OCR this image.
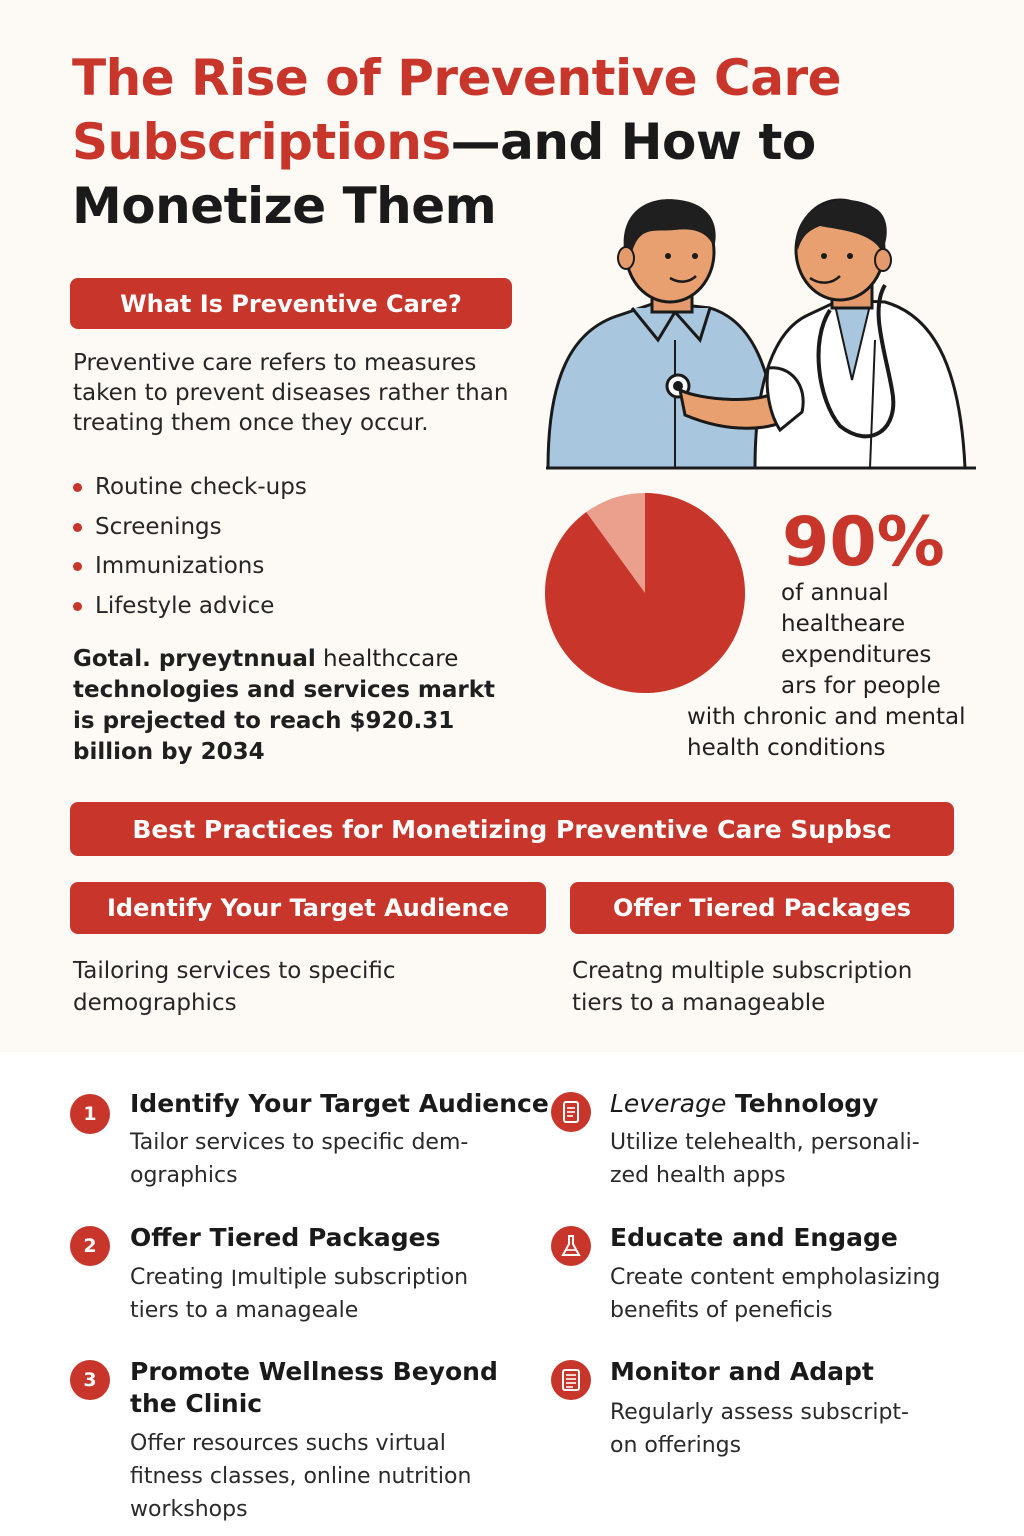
The Rise of Preventive Care
Subscriptions—and How to
Monetize Them
What Is Preventive Care?
Preventive care refers to measures taken to prevent diseases rather than treating them once they occur.
Routine check-ups
Screenings
Immunizations
Lifestyle advice
Gotal. pryeytnnual healthccare technologies and services markt is prejected to reach $920.31 billion by 2034
90%
of annual
healtheare
expenditures
ars for people
with chronic and mental
health conditions
Best Practices for Monetizing Preventive Care Supbsc
Identify Your Target Audience	Offer Tiered Packages
Tailoring services to specific demographics
Creatng multiple subscription tiers to a manageable
1	Identify Your Target Audience
Tailor services to specific dem-
ographics
2	Offer Tiered Packages
Creating ׀multiple subscription
tiers to a manageale
3	Promote Wellness Beyond
the Clinic
Offer resources suchs virtual
fitness classes, online nutrition
workshops
Leverage Tehnology
Utilize telehealth, personali-
zed health apps
Educate and Engage
Create content empholasizing
benefits of peneficis
Monitor and Adapt
Regularly assess subscript-
on offerings
